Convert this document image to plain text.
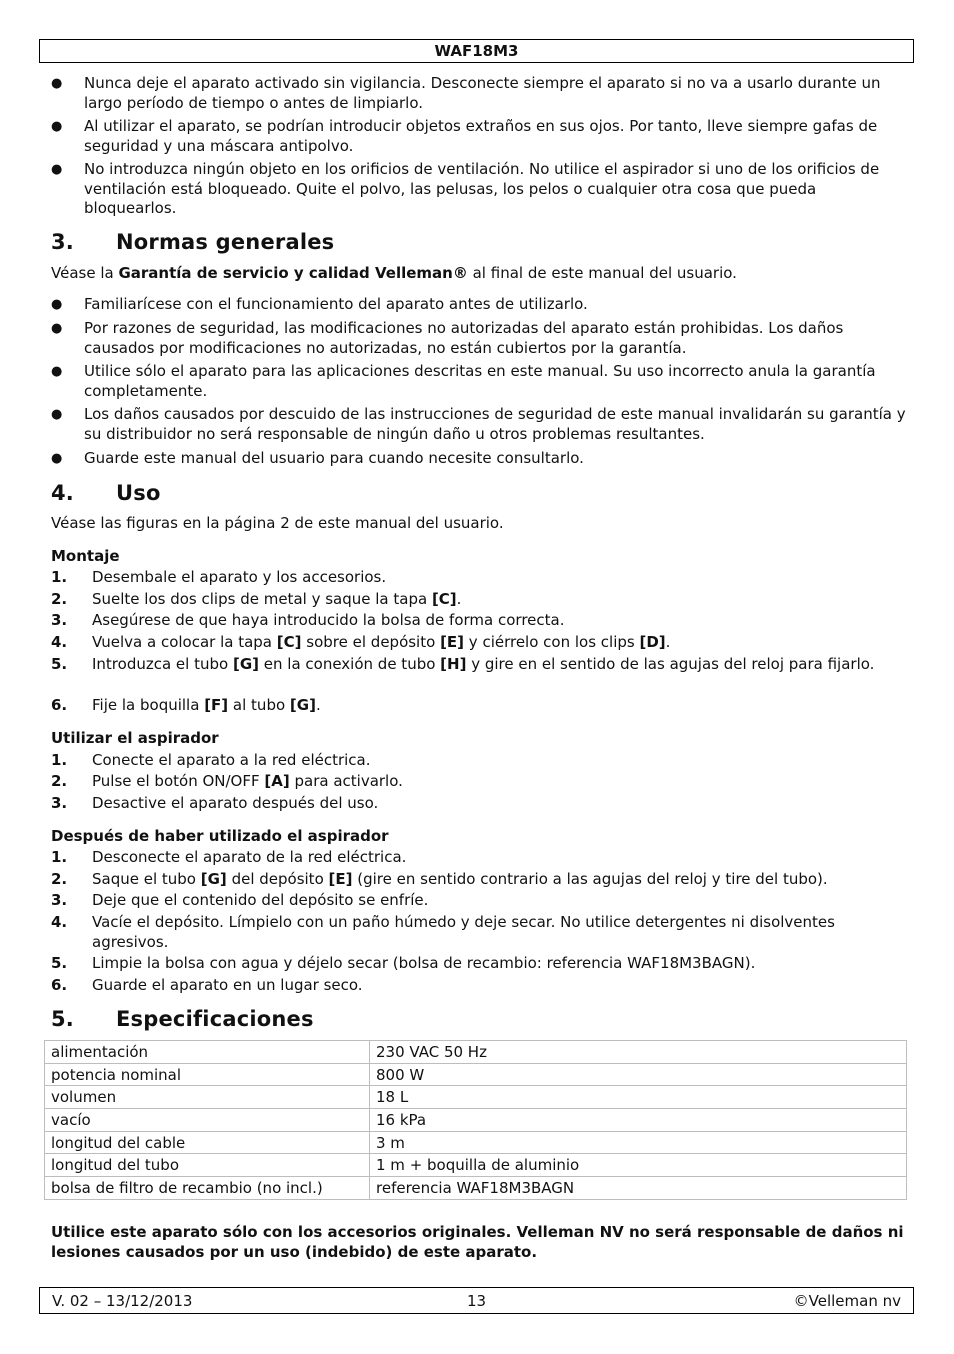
WAF18M3
● Nunca deje el aparato activado sin vigilancia. Desconecte siempre el aparato si no va a usarlo durante un largo período de tiempo o antes de limpiarlo.
● Al utilizar el aparato, se podrían introducir objetos extraños en sus ojos. Por tanto, lleve siempre gafas de seguridad y una máscara antipolvo.
● No introduzca ningún objeto en los orificios de ventilación. No utilice el aspirador si uno de los orificios de ventilación está bloqueado. Quite el polvo, las pelusas, los pelos o cualquier otra cosa que pueda bloquearlos.
3. Normas generales
Véase la Garantía de servicio y calidad Velleman® al final de este manual del usuario.
● Familiarícese con el funcionamiento del aparato antes de utilizarlo.
● Por razones de seguridad, las modificaciones no autorizadas del aparato están prohibidas. Los daños causados por modificaciones no autorizadas, no están cubiertos por la garantía.
● Utilice sólo el aparato para las aplicaciones descritas en este manual. Su uso incorrecto anula la garantía completamente.
● Los daños causados por descuido de las instrucciones de seguridad de este manual invalidarán su garantía y su distribuidor no será responsable de ningún daño u otros problemas resultantes.
● Guarde este manual del usuario para cuando necesite consultarlo.
4. Uso
Véase las figuras en la página 2 de este manual del usuario.
Montaje
1. Desembale el aparato y los accesorios.
2. Suelte los dos clips de metal y saque la tapa [C].
3. Asegúrese de que haya introducido la bolsa de forma correcta.
4. Vuelva a colocar la tapa [C] sobre el depósito [E] y ciérrelo con los clips [D].
5. Introduzca el tubo [G] en la conexión de tubo [H] y gire en el sentido de las agujas del reloj para fijarlo.
6. Fije la boquilla [F] al tubo [G].
Utilizar el aspirador
1. Conecte el aparato a la red eléctrica.
2. Pulse el botón ON/OFF [A] para activarlo.
3. Desactive el aparato después del uso.
Después de haber utilizado el aspirador
1. Desconecte el aparato de la red eléctrica.
2. Saque el tubo [G] del depósito [E] (gire en sentido contrario a las agujas del reloj y tire del tubo).
3. Deje que el contenido del depósito se enfríe.
4. Vacíe el depósito. Límpielo con un paño húmedo y deje secar. No utilice detergentes ni disolventes agresivos.
5. Limpie la bolsa con agua y déjelo secar (bolsa de recambio: referencia WAF18M3BAGN).
6. Guarde el aparato en un lugar seco.
5. Especificaciones
alimentación	230 VAC 50 Hz
potencia nominal	800 W
volumen	18 L
vacío	16 kPa
longitud del cable	3 m
longitud del tubo	1 m + boquilla de aluminio
bolsa de filtro de recambio (no incl.)	referencia WAF18M3BAGN
Utilice este aparato sólo con los accesorios originales. Velleman NV no será responsable de daños ni lesiones causados por un uso (indebido) de este aparato.
V. 02 – 13/12/2013	13	©Velleman nv
